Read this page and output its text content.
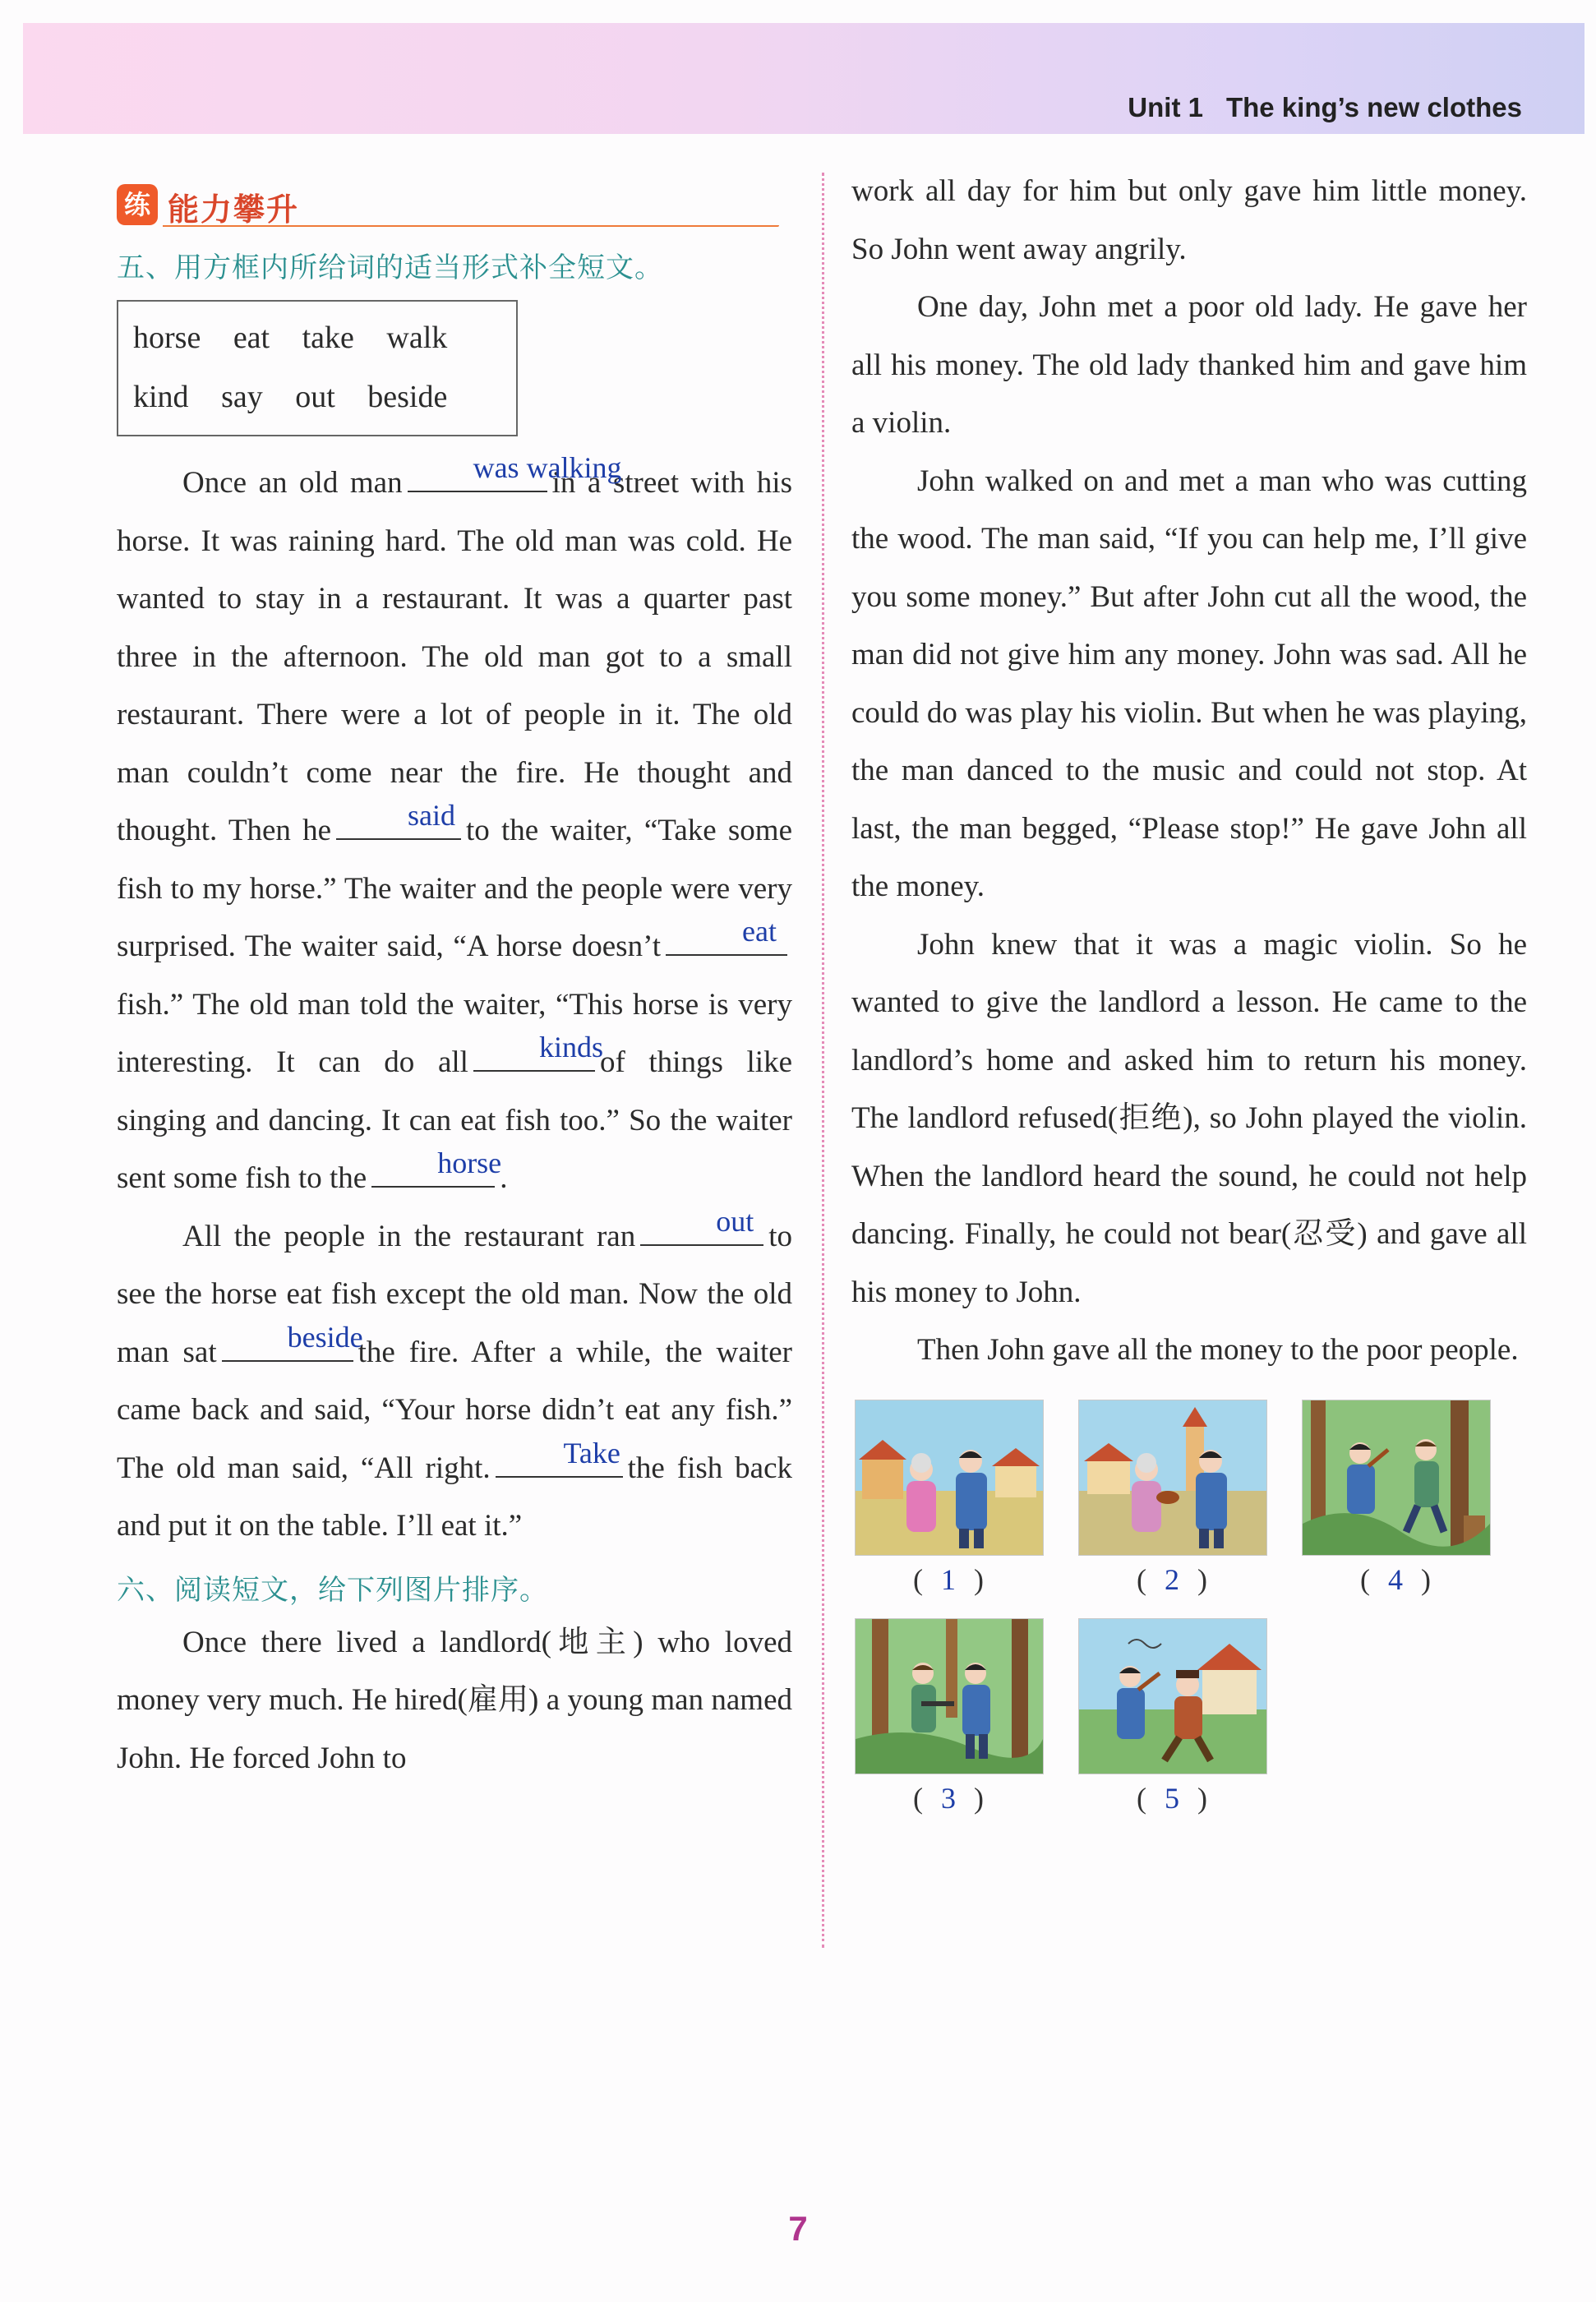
Unit 1 The king’s new clothes
练 能力攀升
五、用方框内所给词的适当形式补全短文。
horse eat take walk
kind say out beside

Once an old man	was walking
in a street with his horse. It was raining hard. The old man was cold. He wanted to stay in a restaurant. It was a quarter past three in the afternoon. The old man got to a small restaurant. There were a lot of people in it. The old man couldn’t come near the fire. He thought and thought. Then he	said to the waiter, “Take some fish to my horse.” The waiter and the people were very surprised. The waiter said, “A horse doesn’t	eat
fish.” The old man told the waiter, “This horse is very interesting. It can do all	kinds
of things like singing and dancing. It can eat fish too.” So the waiter sent some fish to the	horse
.

All the people in the restaurant ran	out to see the horse eat fish except the old man. Now the old man sat	beside
the fire. After a while, the waiter came back and said, “Your horse didn’t eat any fish.” The old man said, “All right.	Take the fish back and put it on the table. I’ll eat it.”

六、阅读短文，给下列图片排序。

Once there lived a landlord(地主) who loved money very much. He hired(雇用) a young man named John. He forced John to

work all day for him but only gave him little money. So John went away angrily.

One day, John met a poor old lady. He gave her all his money. The old lady thanked him and gave him a violin.

John walked on and met a man who was cutting the wood. The man said, “If you can help me, I’ll give you some money.” But after John cut all the wood, the man did not give him any money. John was sad. All he could do was play his violin. But when he was playing, the man danced to the music and could not stop. At last, the man begged, “Please stop!” He gave John all the money.

John knew that it was a magic violin. So he wanted to give the landlord a lesson. He came to the landlord’s home and asked him to return his money. The landlord refused(拒绝), so John played the violin. When the landlord heard the sound, he could not help dancing. Finally, he could not bear(忍受) and gave all his money to John.

Then John gave all the money to the poor people.

( 1 )	( 2 )	( 4 )
( 3 )	( 5 )
7
